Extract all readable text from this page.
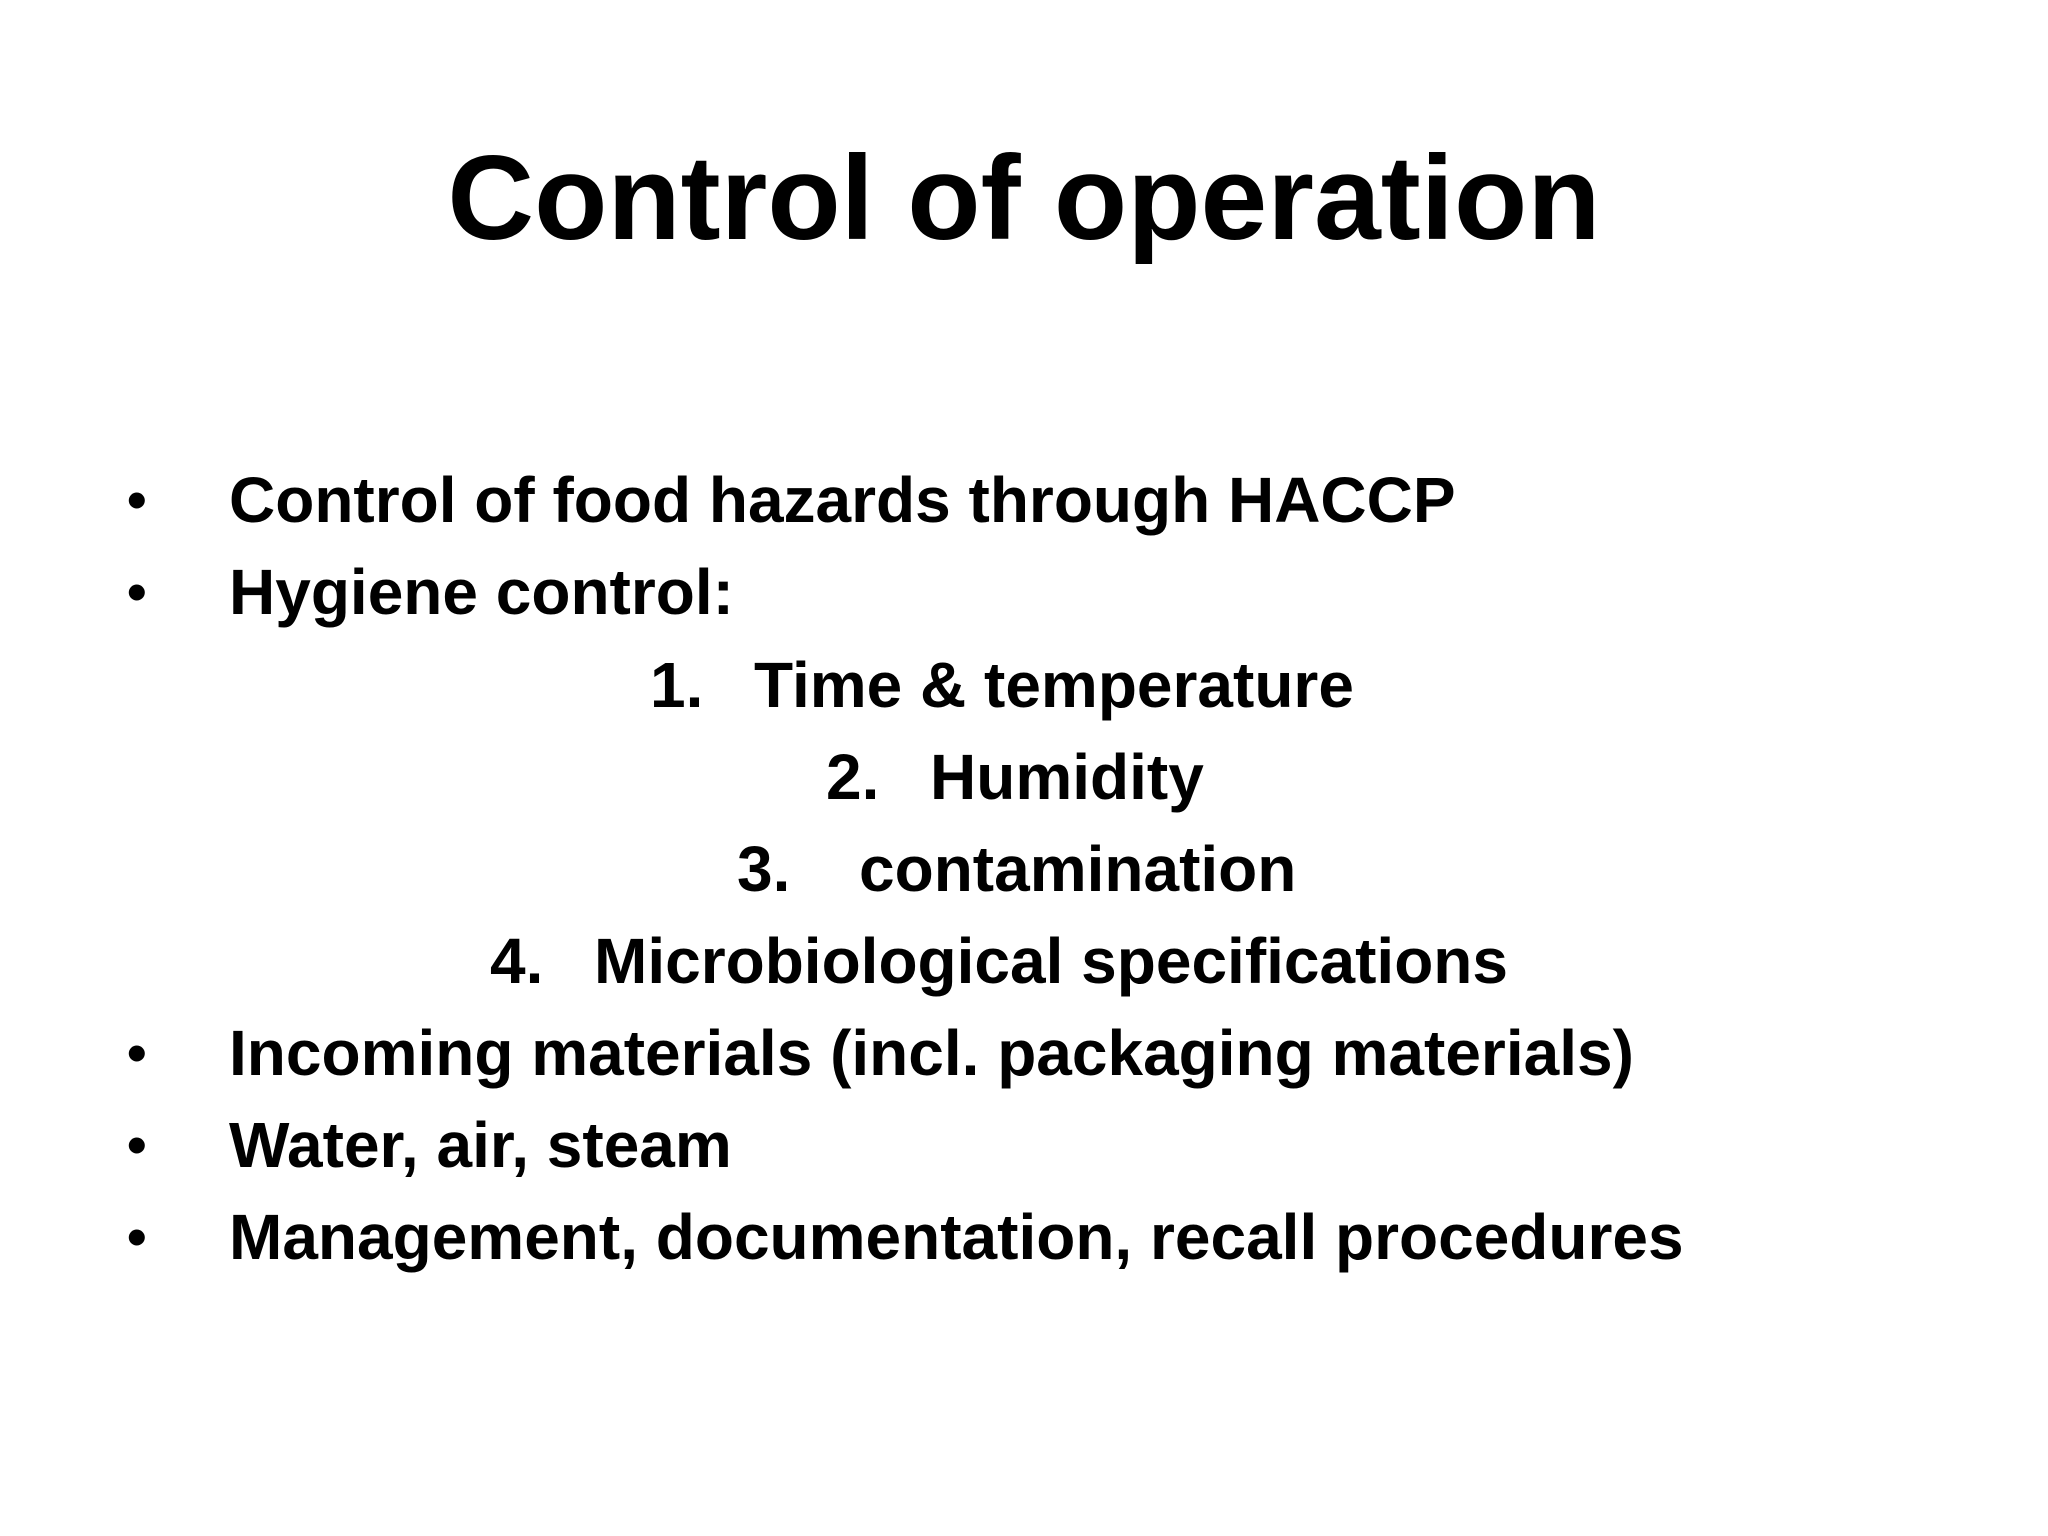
Control of operation
• Control of food hazards through HACCP
• Hygiene control:
1. Time & temperature
2. Humidity
3. contamination
4. Microbiological specifications
• Incoming materials (incl. packaging materials)
• Water, air, steam
• Management, documentation, recall procedures
